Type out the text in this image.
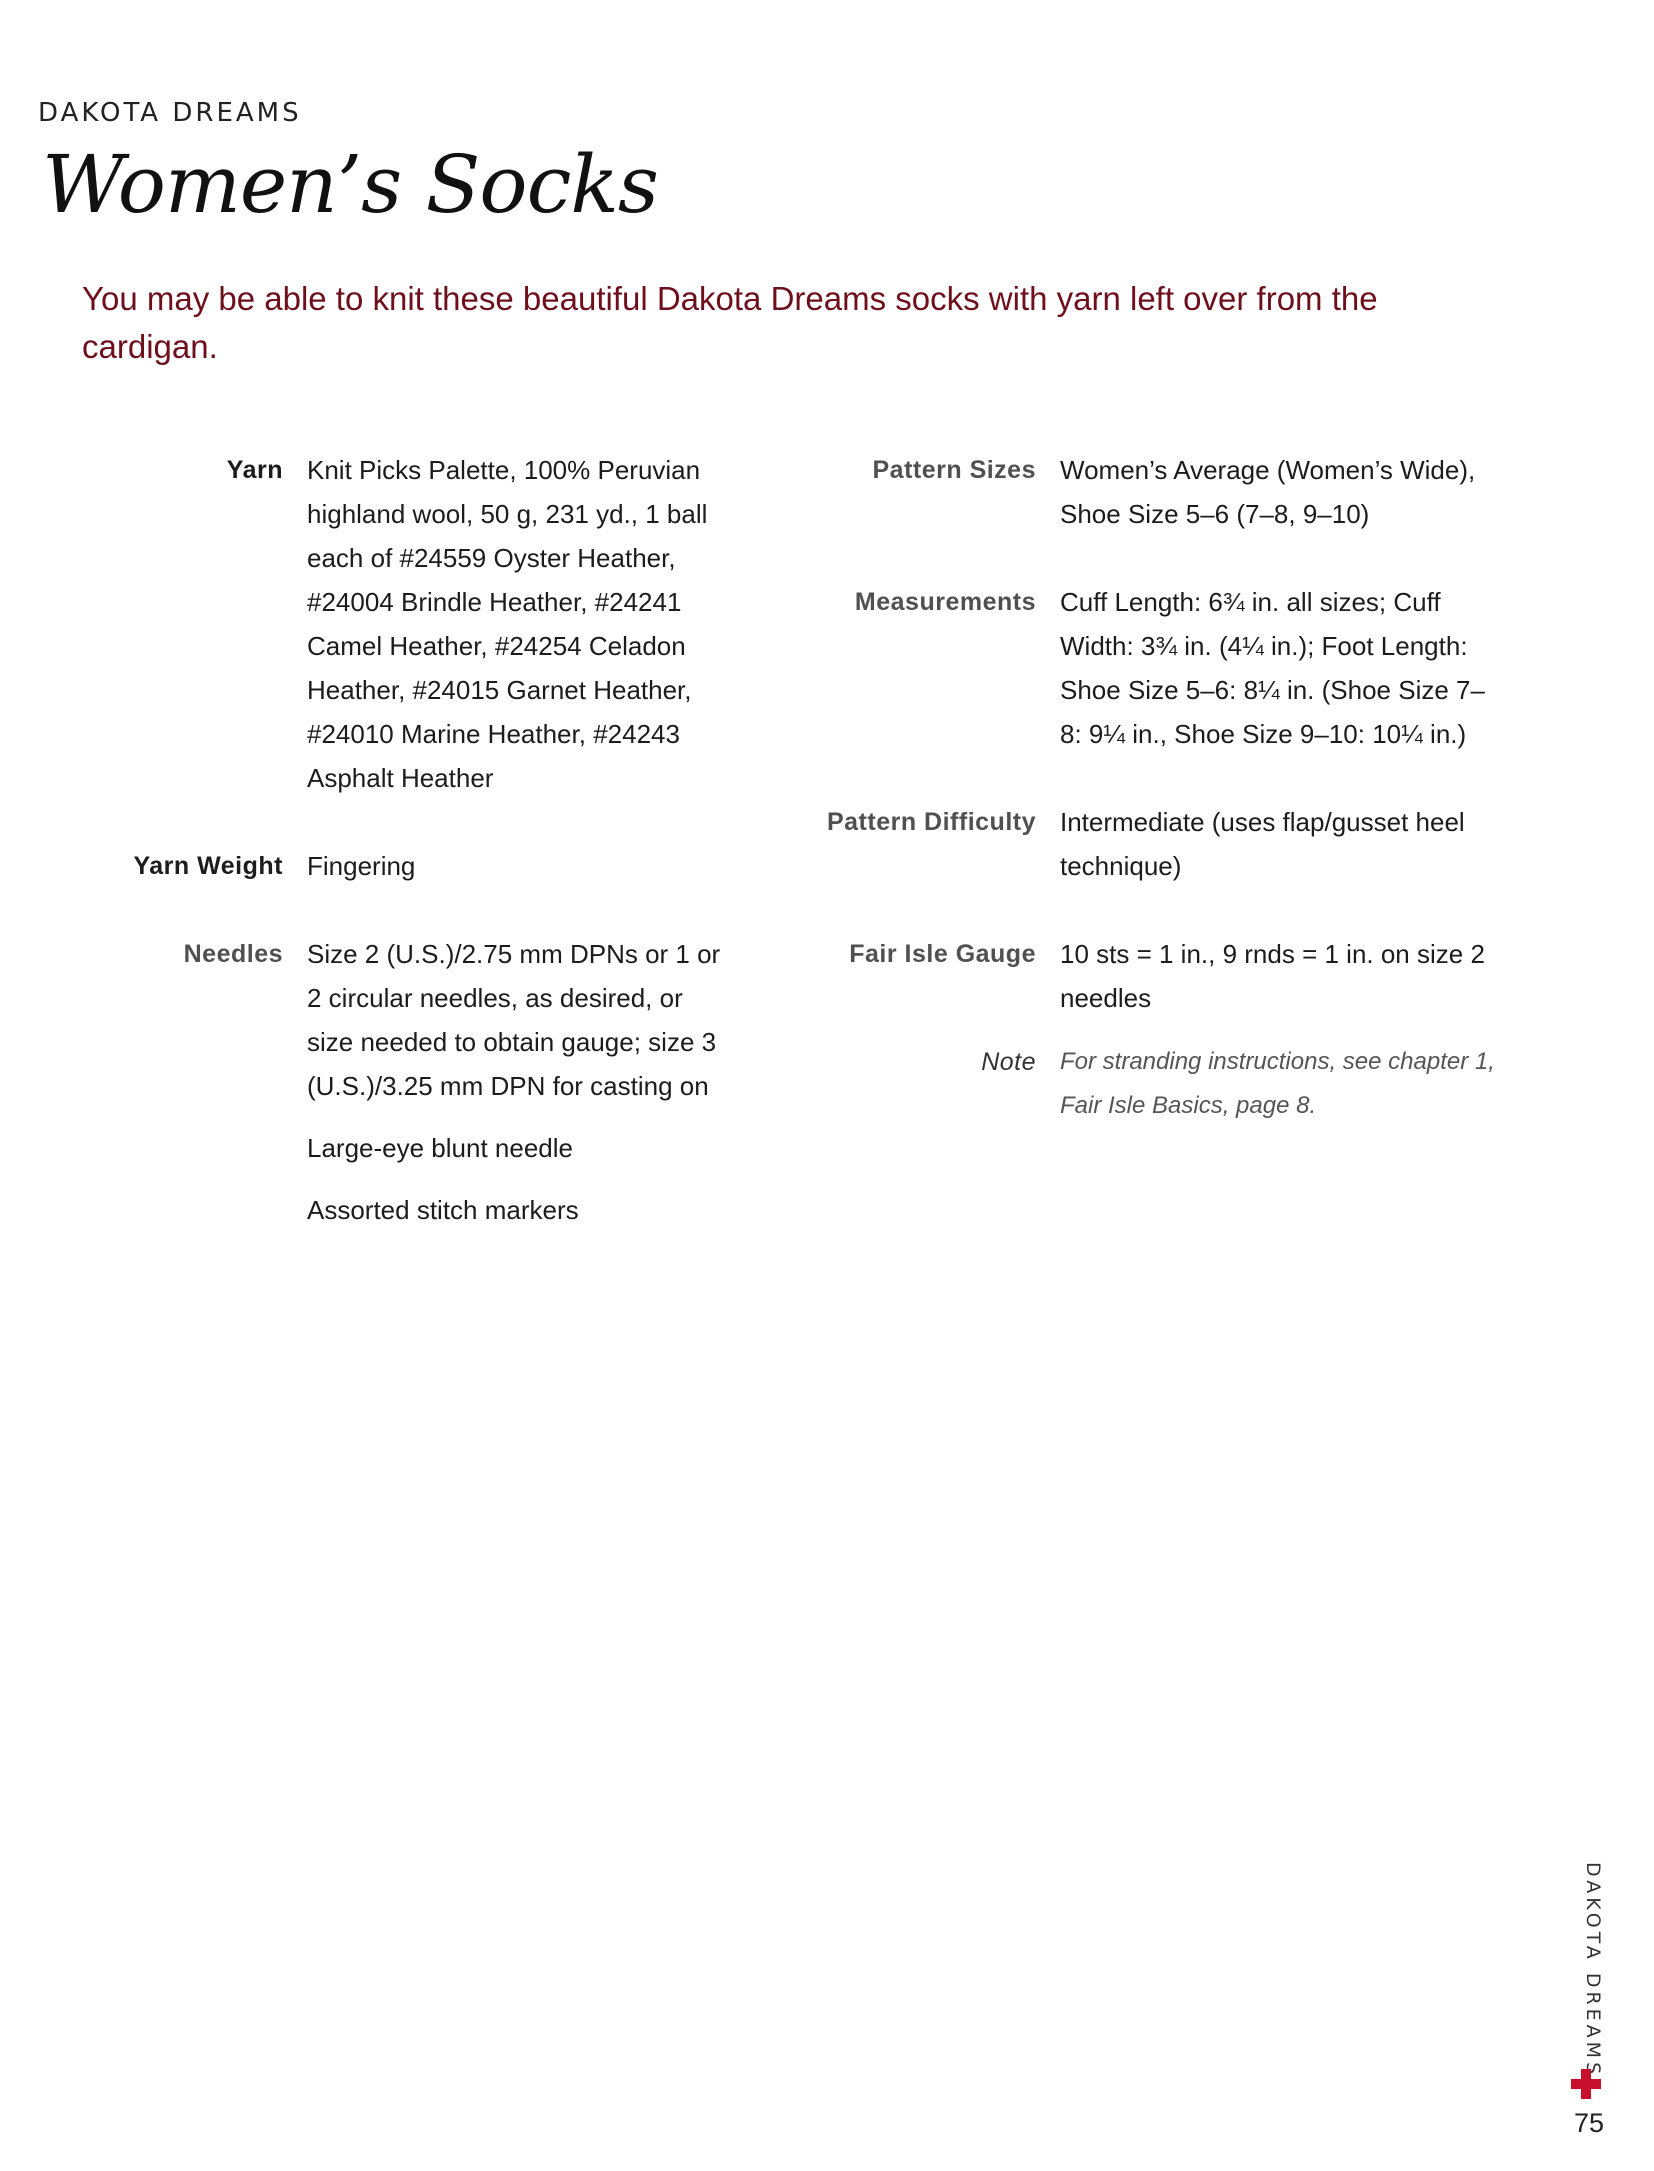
DAKOTA DREAMS
Women’s Socks
You may be able to knit these beautiful Dakota Dreams socks with yarn left over from the cardigan.
Yarn Knit Picks Palette, 100% Peruvian highland wool, 50 g, 231 yd., 1 ball each of #24559 Oyster Heather, #24004 Brindle Heather, #24241 Camel Heather, #24254 Celadon Heather, #24015 Garnet Heather, #24010 Marine Heather, #24243 Asphalt Heather
Yarn Weight Fingering
Needles Size 2 (U.S.)/2.75 mm DPNs or 1 or 2 circular needles, as desired, or size needed to obtain gauge; size 3 (U.S.)/3.25 mm DPN for casting on

Large-eye blunt needle

Assorted stitch markers

Pattern Sizes Women’s Average (Women’s Wide), Shoe Size 5–6 (7–8, 9–10)
Measurements Cuff Length: 6¾ in. all sizes; Cuff Width: 3¾ in. (4¼ in.); Foot Length: Shoe Size 5–6: 8¼ in. (Shoe Size 7–8: 9¼ in., Shoe Size 9–10: 10¼ in.)
Pattern Difficulty Intermediate (uses flap/gusset heel technique)
Fair Isle Gauge 10 sts = 1 in., 9 rnds = 1 in. on size 2 needles
Note For stranding instructions, see chapter 1, Fair Isle Basics, page 8.
DAKOTA DREAMS
75
